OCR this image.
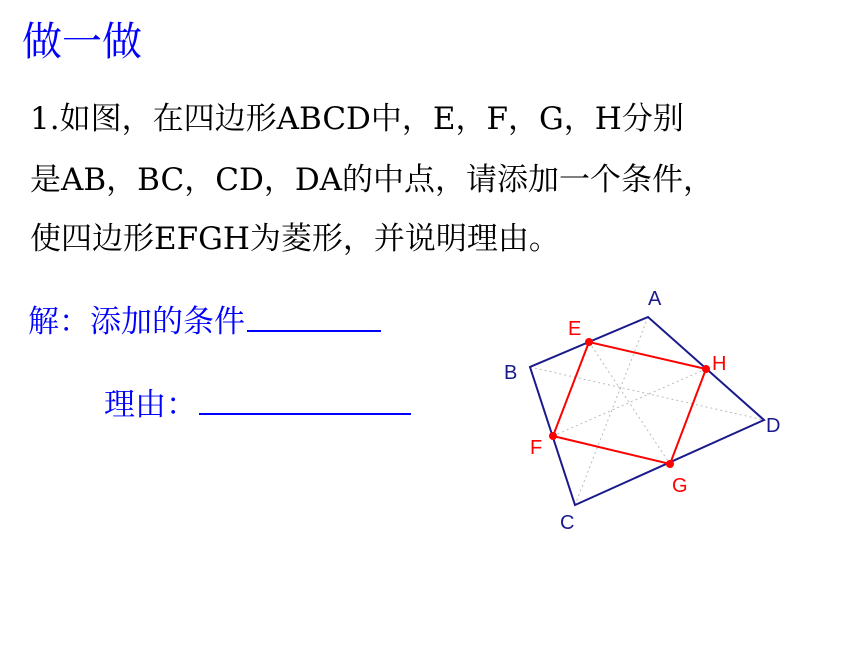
做一做
1.如图，在四边形ABCD中，E，F，G，H分别
是AB，BC，CD，DA的中点，请添加一个条件，
使四边形EFGH为菱形，并说明理由。
解：添加的条件
理由：
A
B
C
D
E
F
G
H
